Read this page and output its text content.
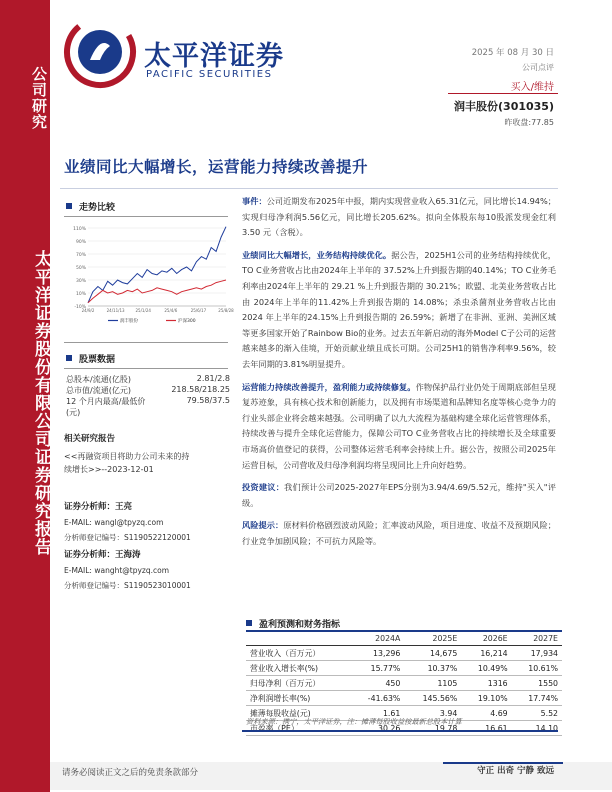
公司研究
太平洋证券股份有限公司证券研究报告
太平洋证券
PACIFIC SECURITIES
2025 年 08 月 30 日
公司点评
买入/维持
润丰股份(301035)
昨收盘:77.85
业绩同比大幅增长，运营能力持续改善提升
走势比较
110%
90%
70%
50%
30%
10%
-10%
24/9/2	24/11/13	25/1/24	25/4/6	25/6/17	25/8/28
润丰股份	沪深300
股票数据
总股本/流通(亿股)	2.81/2.8
总市值/流通(亿元)	218.58/218.25
12 个月内最高/最低价	79.58/37.5
(元)
相关研究报告
<<再融资项目将助力公司未来的持
续增长>>--2023-12-01
证券分析师：王亮
E-MAIL: wangl@tpyzq.com
分析师登记编号：S1190522120001
证券分析师：王海涛
E-MAIL: wanght@tpyzq.com
分析师登记编号：S1190523010001

事件：公司近期发布2025年中报，期内实现营业收入65.31亿元，同比增长14.94%；实现归母净利润5.56亿元，同比增长205.62%。拟向全体股东每10股派发现金红利 3.50 元（含税）。

业绩同比大幅增长，业务结构持续优化。据公告，2025H1公司的业务结构持续优化，TO C业务营收占比由2024年上半年的 37.52%上升到报告期的40.14%；TO C业务毛利率由2024年上半年的 29.21 %上升到报告期的 30.21%；欧盟、北美业务营收占比由 2024年上半年的11.42%上升到报告期的 14.08%；杀虫杀菌剂业务营收占比由 2024 年上半年的24.15%上升到报告期的 26.59%；新增了在非洲、亚洲、美洲区域等更多国家开始了Rainbow Bio的业务。过去五年新启动的海外Model C子公司的运营越来越多的渐入佳境，开始贡献业绩且成长可期。公司25H1的销售净利率9.56%，较去年同期的3.81%明显提升。

运营能力持续改善提升，盈利能力或持续修复。作物保护品行业仍处于周期底部但呈现复苏迹象，具有核心技术和创新能力，以及拥有市场渠道和品牌知名度等核心竞争力的行业头部企业将会越来越强。公司明确了以九大流程为基础构建全球化运营管理体系，持续改善与提升全球化运营能力，保障公司TO C业务营收占比的持续增长及全球重要市场高价值登记的获得，公司整体运营毛利率会持续上升。据公告，按照公司2025年运营目标，公司营收及归母净利润均将呈现同比上升向好趋势。

投资建议：我们预计公司2025-2027年EPS分别为3.94/4.69/5.52元，维持"买入"评级。

风险提示：原材料价格剧烈波动风险；汇率波动风险，项目进度、收益不及预期风险；行业竞争加剧风险；不可抗力风险等。

盈利预测和财务指标
	2024A	2025E	2026E	2027E
营业收入（百万元）	13,296	14,675	16,214	17,934
营业收入增长率(%)	15.77%	10.37%	10.49%	10.61%
归母净利（百万元）	450	1105	1316	1550
净利润增长率(%)	-41.63%	145.56%	19.10%	17.74%
摊薄每股收益(元)	1.61	3.94	4.69	5.52
市盈率（PE）	30.26	19.78	16.61	14.10
资料来源：携宁，太平洋证券，注：摊薄每股收益按最新总股本计算
请务必阅读正文之后的免责条款部分	守正 出奇 宁静 致远
